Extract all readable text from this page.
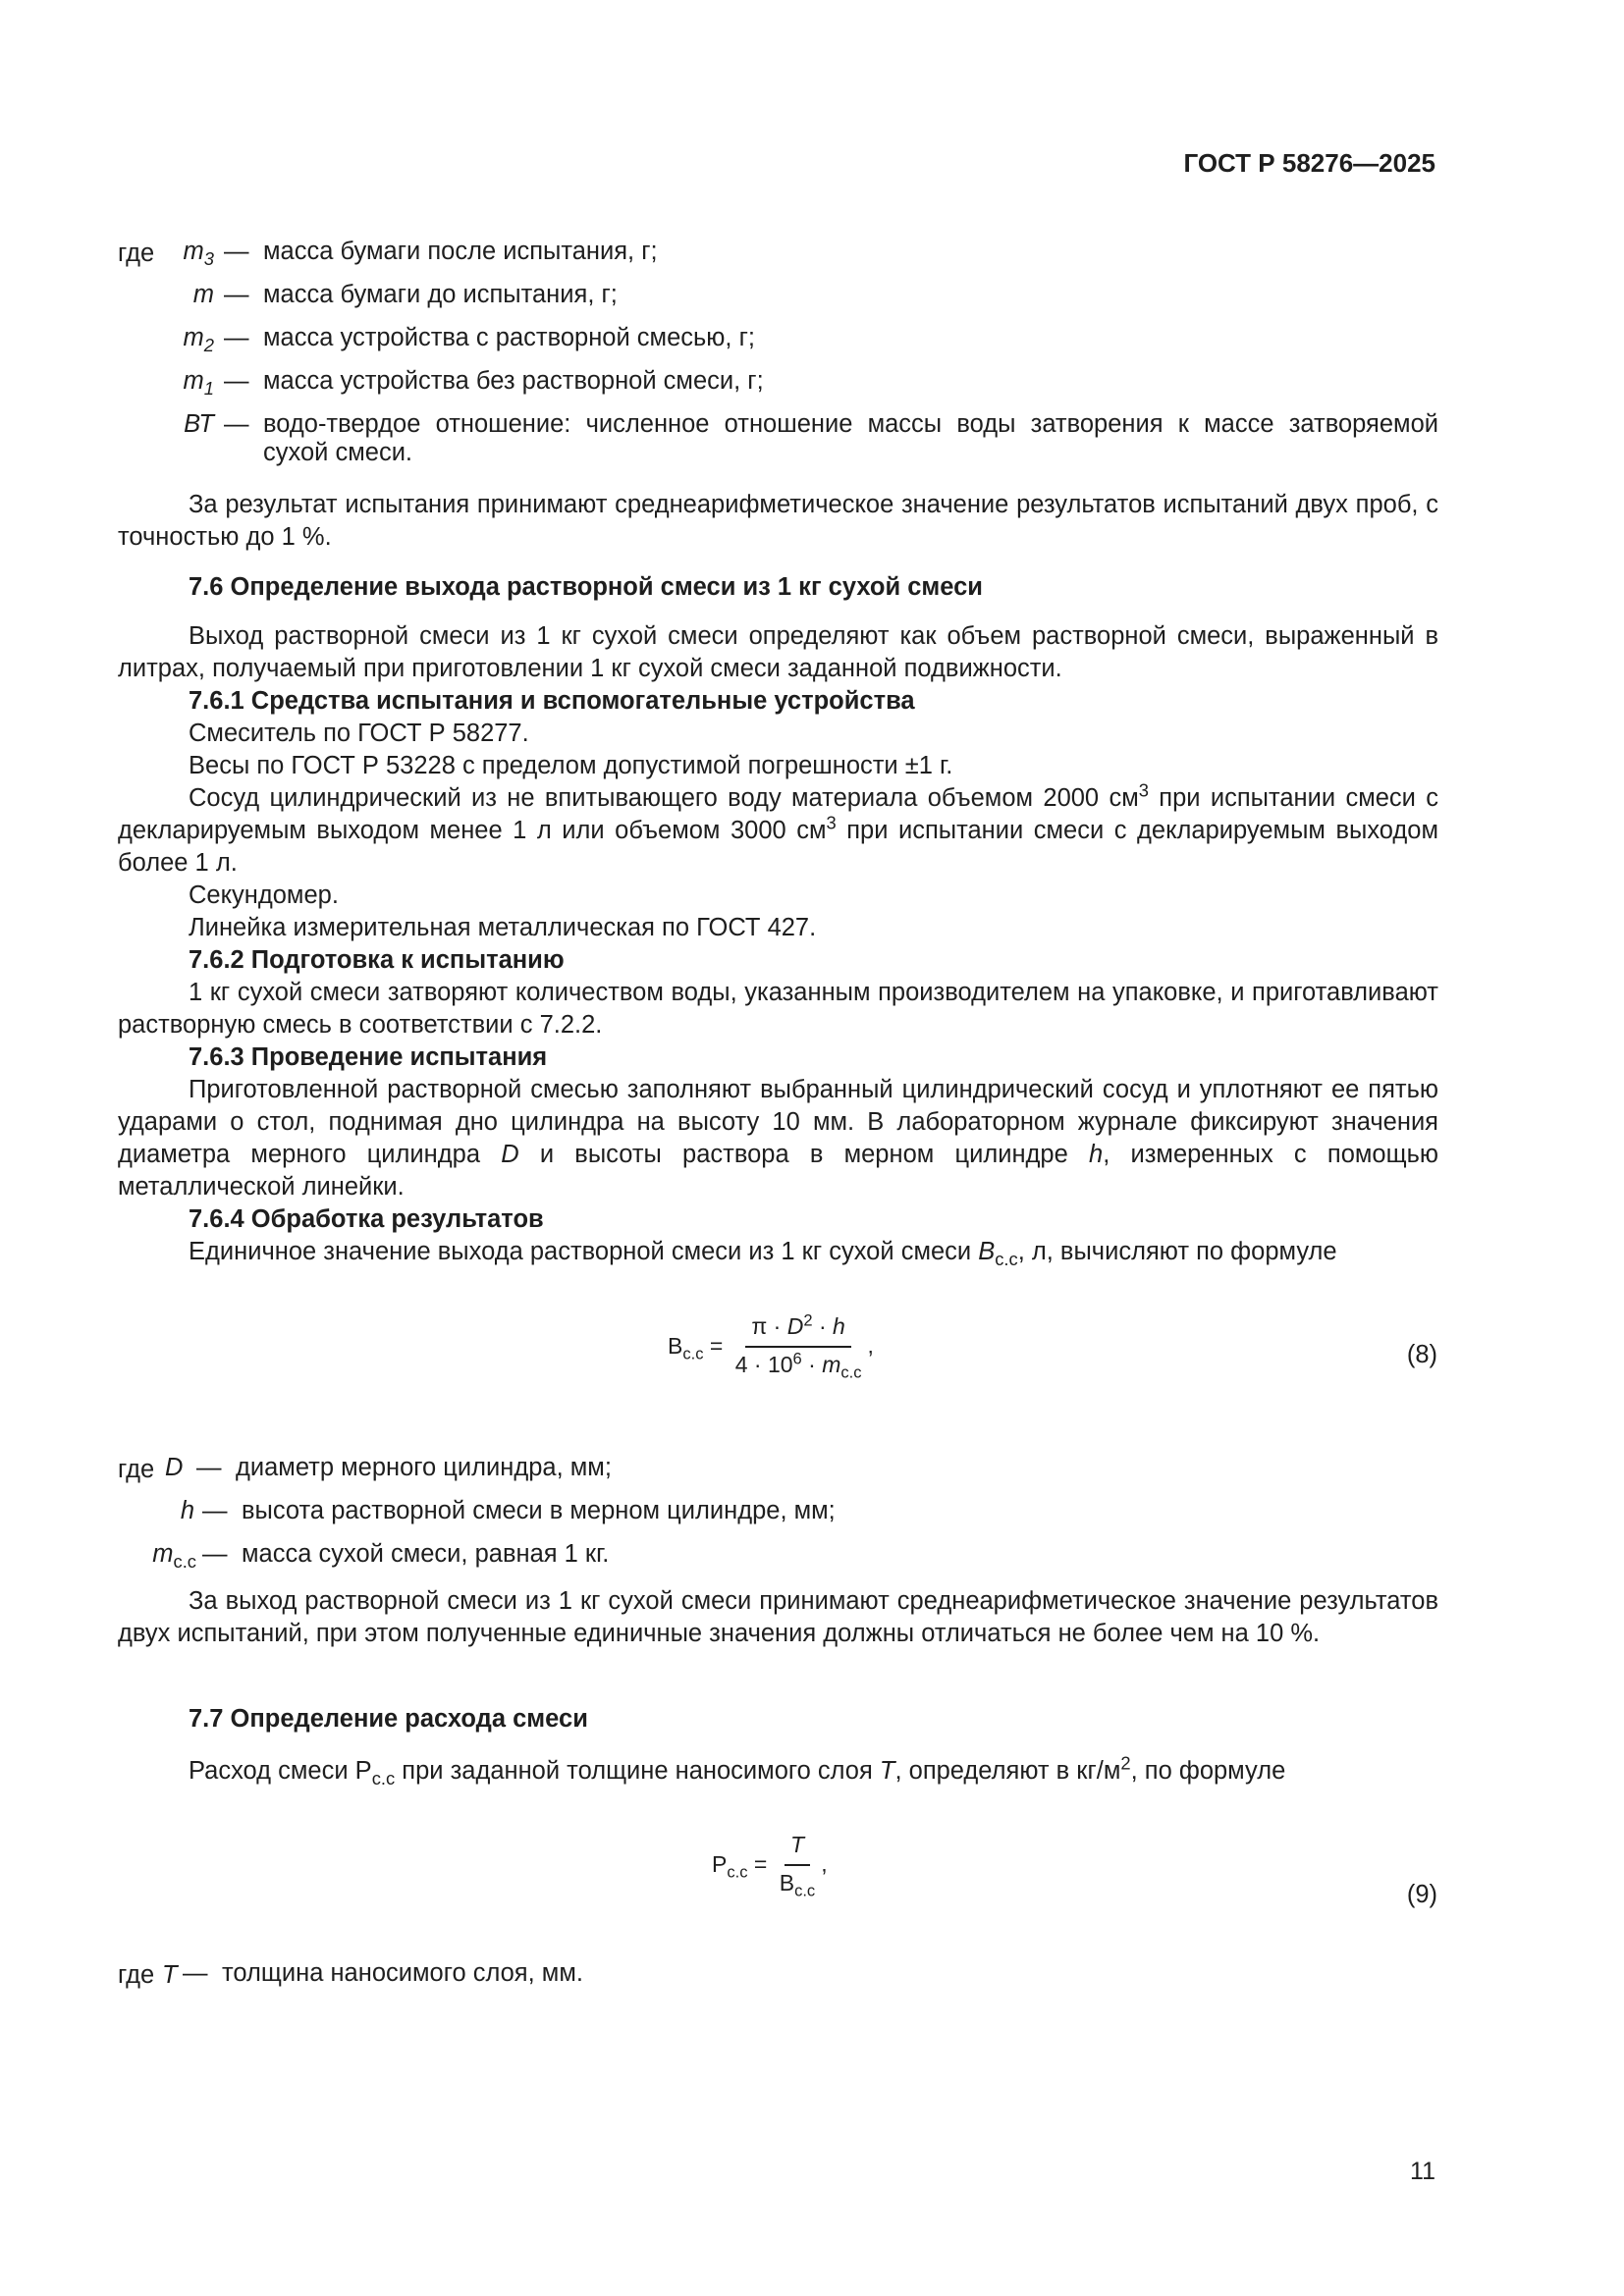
ГОСТ Р 58276—2025
где	$m_3$ — масса бумаги после испытания, г;
m — масса бумаги до испытания, г;
$m_2$ — масса устройства с растворной смесью, г;
$m_1$ — масса устройства без растворной смеси, г;
ВТ — водо-твердое отношение: численное отношение массы воды затворения к массе затворяемой сухой смеси.

За результат испытания принимают среднеарифметическое значение результатов испытаний двух проб, с точностью до 1 %.

7.6 Определение выхода растворной смеси из 1 кг сухой смеси

Выход растворной смеси из 1 кг сухой смеси определяют как объем растворной смеси, выраженный в литрах, получаемый при приготовлении 1 кг сухой смеси заданной подвижности.

7.6.1 Средства испытания и вспомогательные устройства
Смеситель по ГОСТ Р 58277.
Весы по ГОСТ Р 53228 с пределом допустимой погрешности ±1 г.

Сосуд цилиндрический из не впитывающего воду материала объемом 2000 $см^3$ при испытании смеси с декларируемым выходом менее 1 л или объемом 3000 $см^3$ при испытании смеси с декларируемым выходом более 1 л.

Секундомер.
Линейка измерительная металлическая по ГОСТ 427.
7.6.2 Подготовка к испытанию

1 кг сухой смеси затворяют количеством воды, указанным производителем на упаковке, и приготавливают растворную смесь в соответствии с 7.2.2.

7.6.3 Проведение испытания

Приготовленной растворной смесью заполняют выбранный цилиндрический сосуд и уплотняют ее пятью ударами о стол, поднимая дно цилиндра на высоту 10 мм. В лабораторном журнале фиксируют значения диаметра мерного цилиндра D и высоты раствора в мерном цилиндре h, измеренных с помощью металлической линейки.

7.6.4 Обработка результатов

Единичное значение выхода растворной смеси из 1 кг сухой смеси $B_{с.с}$, л, вычисляют по формуле

$В_{с.с} = \frac{\pi \cdot D^2 \cdot h}{4 \cdot 10^6 \cdot m_{с.с}}$ ,	(8)
где D — диаметр мерного цилиндра, мм;
h — высота растворной смеси в мерном цилиндре, мм;
$m_{с.с}$ — масса сухой смеси, равная 1 кг.

За выход растворной смеси из 1 кг сухой смеси принимают среднеарифметическое значение результатов двух испытаний, при этом полученные единичные значения должны отличаться не более чем на 10 %.

7.7 Определение расхода смеси

Расход смеси $Р_{с.с}$ при заданной толщине наносимого слоя T, определяют в $кг/м^2$, по формуле

$Р_{с.с} = \frac{T}{В_{с.с}}$ ,
(9)
где T — толщина наносимого слоя, мм.
11
